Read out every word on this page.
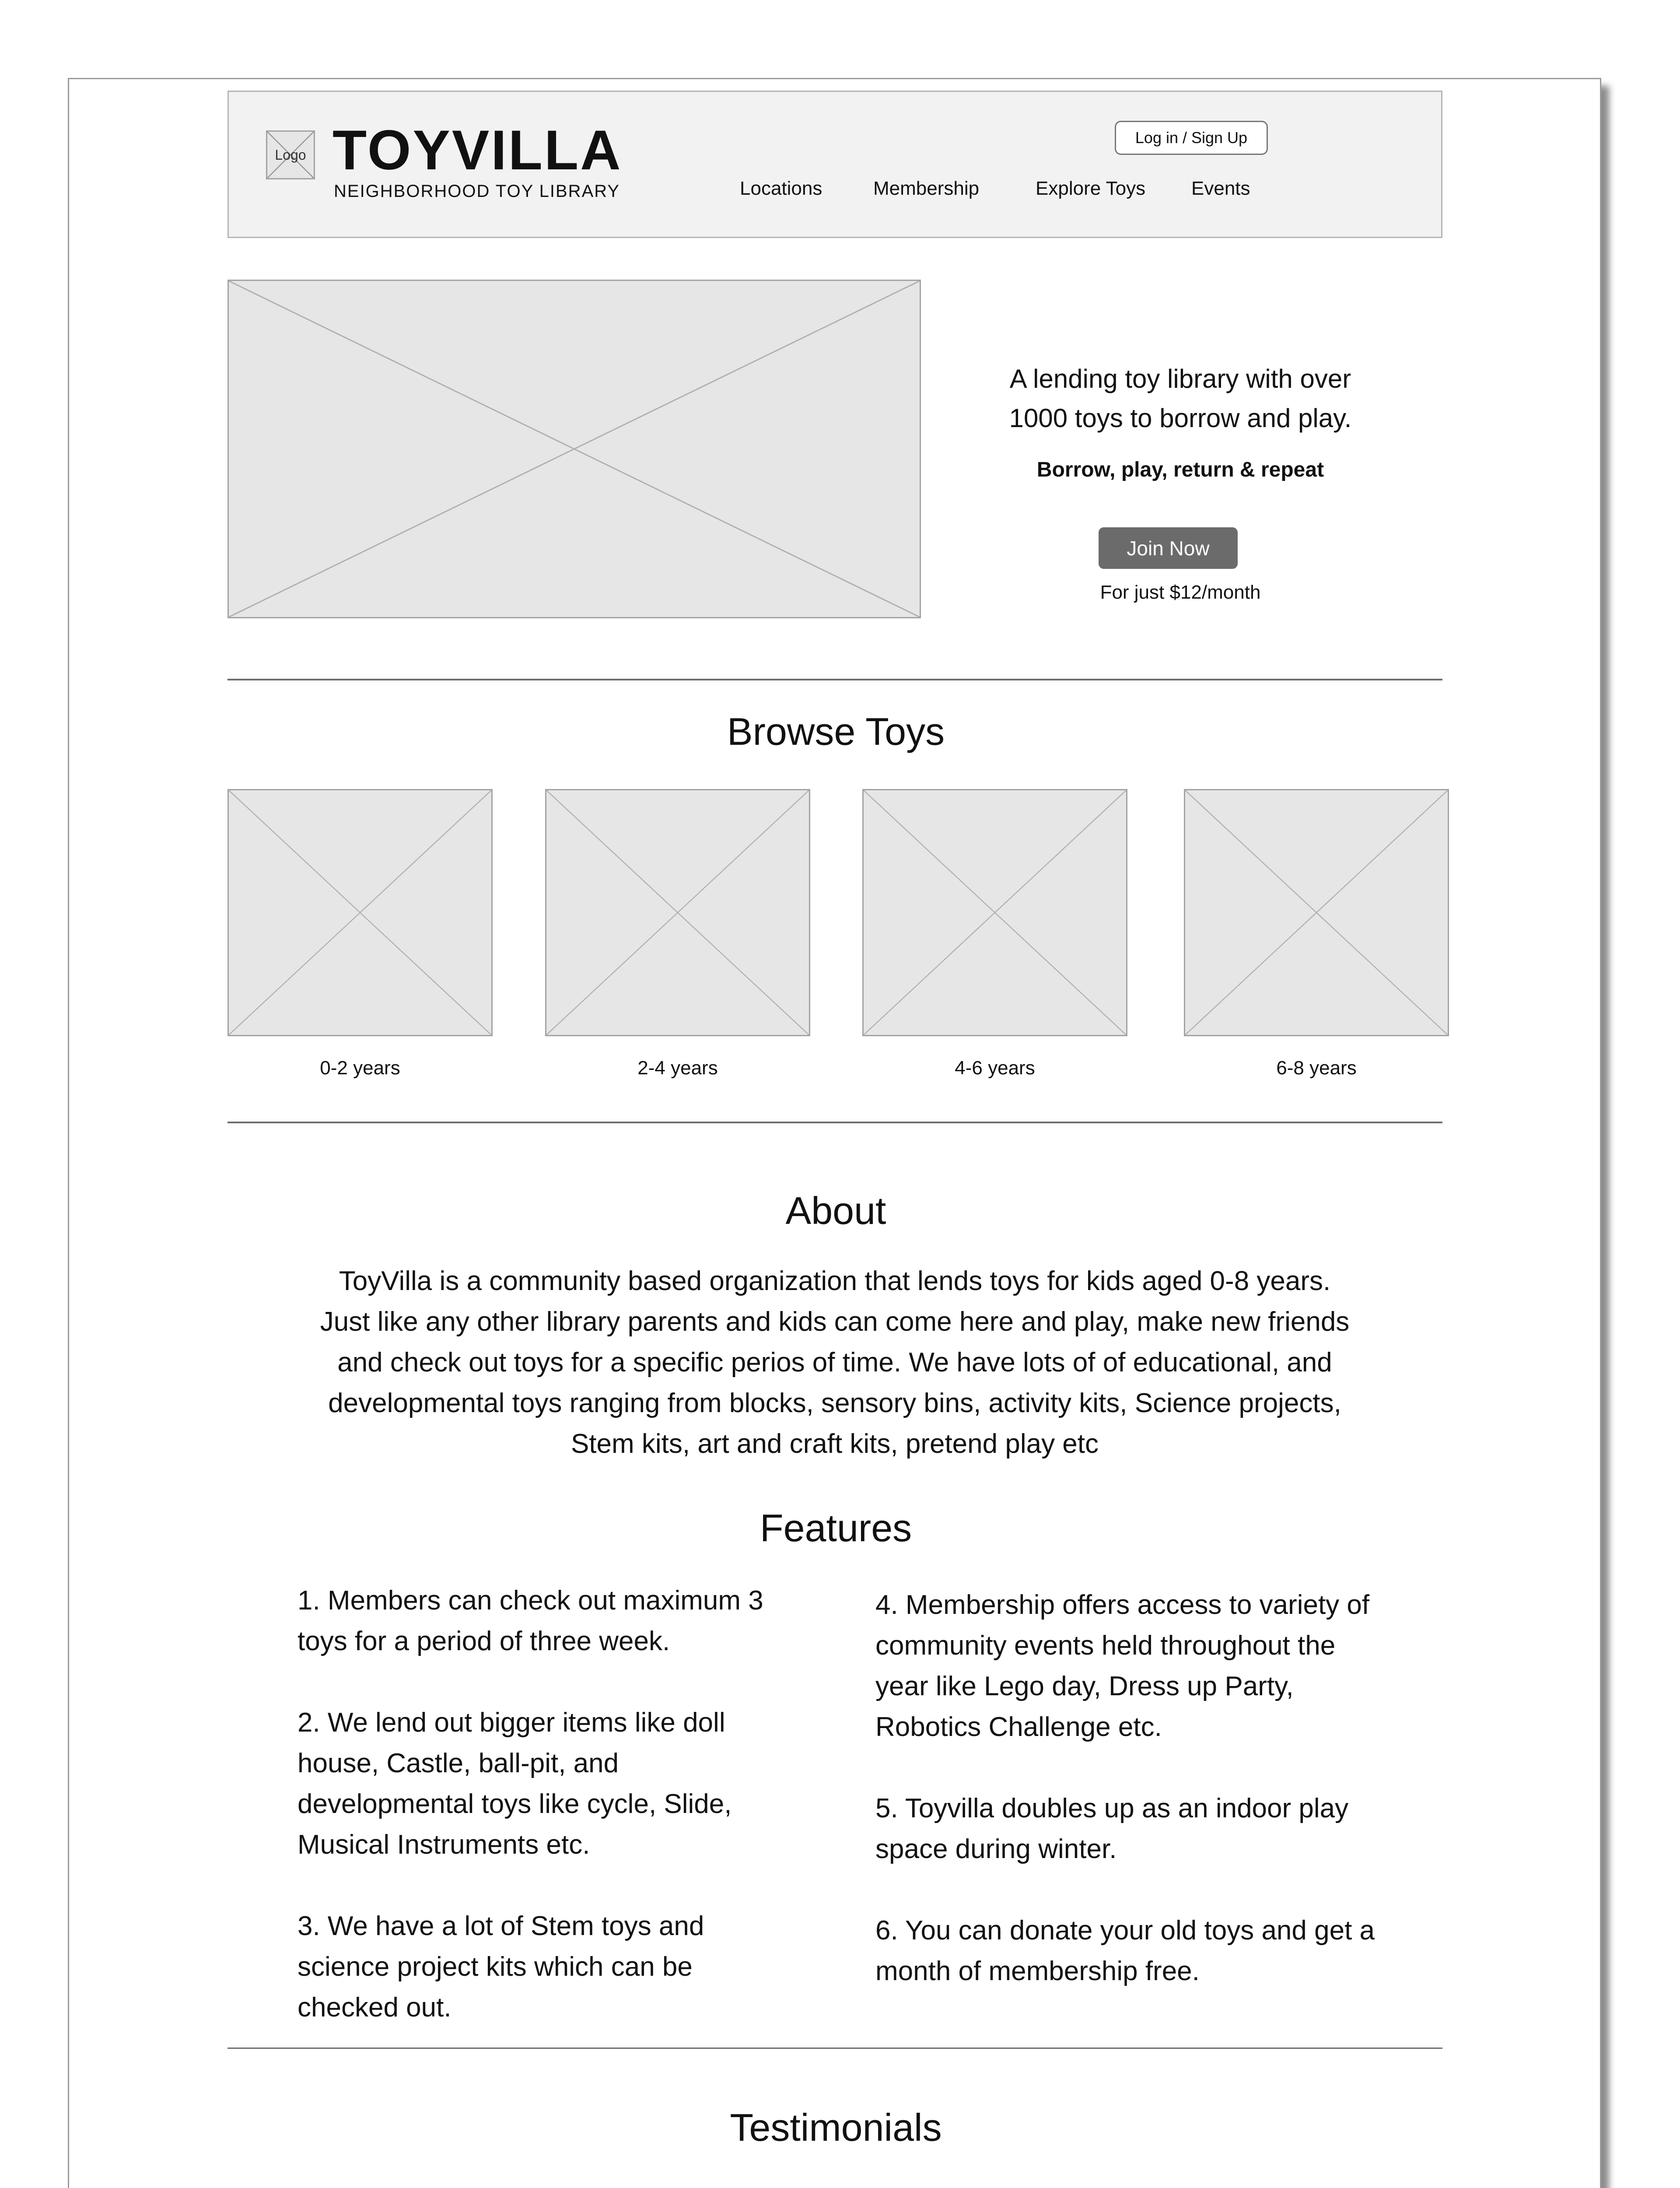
Logo TOYVILLA
NEIGHBORHOOD TOY LIBRARY
Log in / Sign Up
Locations	Membership	Explore Toys Events
A lending toy library with over
1000 toys to borrow and play.
Borrow, play, return & repeat
Join Now
For just $12/month
Browse Toys
0-2 years	2-4 years	4-6 years	6-8 years
About
ToyVilla is a community based organization that lends toys for kids aged 0-8 years. Just like any other library parents and kids can come here and play, make new friends and check out toys for a specific perios of time. We have lots of of educational, and developmental toys ranging from blocks, sensory bins, activity kits, Science projects, Stem kits, art and craft kits, pretend play etc
Features

1. Members can check out maximum 3 toys for a period of three week.

2. We lend out bigger items like doll house, Castle, ball-pit, and developmental toys like cycle, Slide, Musical Instruments etc.

3. We have a lot of Stem toys and science project kits which can be checked out.

4. Membership offers access to variety of community events held throughout the year like Lego day, Dress up Party, Robotics Challenge etc.

5. Toyvilla doubles up as an indoor play space during winter.

6. You can donate your old toys and get a month of membership free.

Testimonials
